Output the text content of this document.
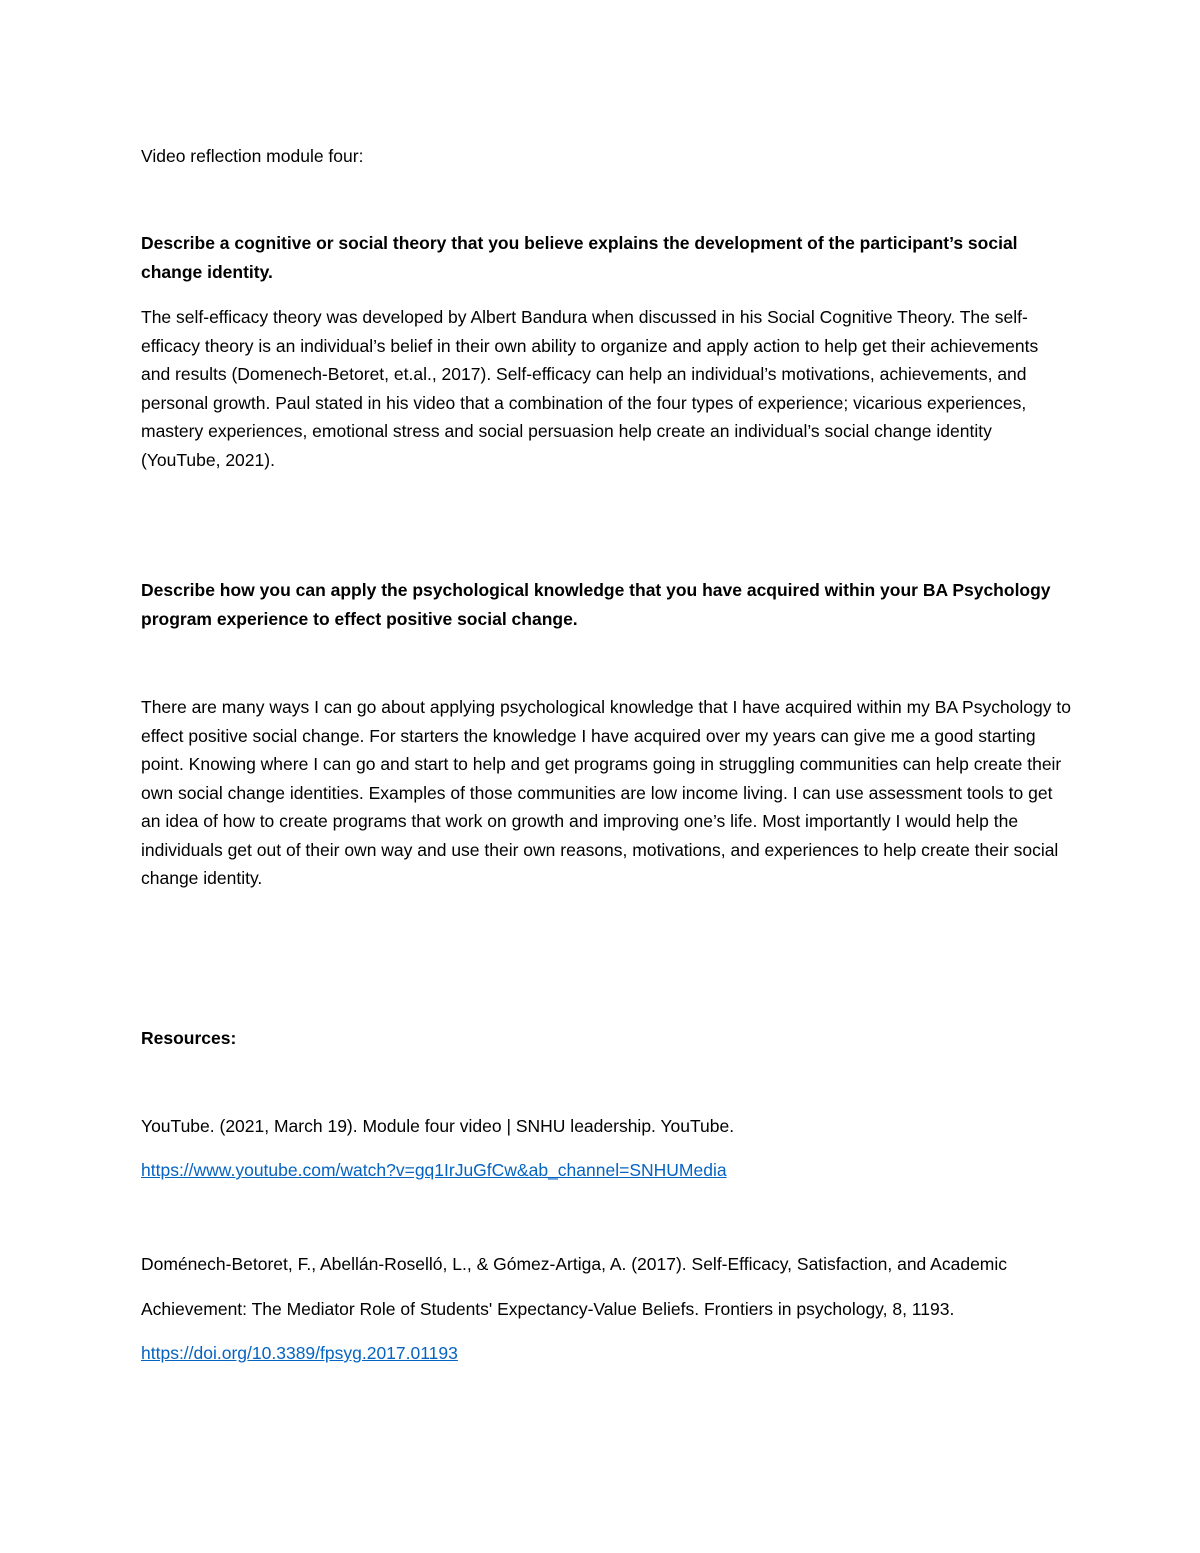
Video reflection module four:

Describe a cognitive or social theory that you believe explains the development of the participant’s social change identity.

The self-efficacy theory was developed by Albert Bandura when discussed in his Social Cognitive Theory. The self-efficacy theory is an individual’s belief in their own ability to organize and apply action to help get their achievements and results (Domenech-Betoret, et.al., 2017). Self-efficacy can help an individual’s motivations, achievements, and personal growth. Paul stated in his video that a combination of the four types of experience; vicarious experiences, mastery experiences, emotional stress and social persuasion help create an individual’s social change identity (YouTube, 2021).

Describe how you can apply the psychological knowledge that you have acquired within your BA Psychology program experience to effect positive social change.

There are many ways I can go about applying psychological knowledge that I have acquired within my BA Psychology to effect positive social change. For starters the knowledge I have acquired over my years can give me a good starting point. Knowing where I can go and start to help and get programs going in struggling communities can help create their own social change identities. Examples of those communities are low income living. I can use assessment tools to get an idea of how to create programs that work on growth and improving one’s life. Most importantly I would help the individuals get out of their own way and use their own reasons, motivations, and experiences to help create their social change identity.

Resources:

YouTube. (2021, March 19). Module four video | SNHU leadership. YouTube.

https://www.youtube.com/watch?v=gq1IrJuGfCw&ab_channel=SNHUMedia

Doménech-Betoret, F., Abellán-Roselló, L., & Gómez-Artiga, A. (2017). Self-Efficacy, Satisfaction, and Academic Achievement: The Mediator Role of Students' Expectancy-Value Beliefs. Frontiers in psychology, 8, 1193. https://doi.org/10.3389/fpsyg.2017.01193
